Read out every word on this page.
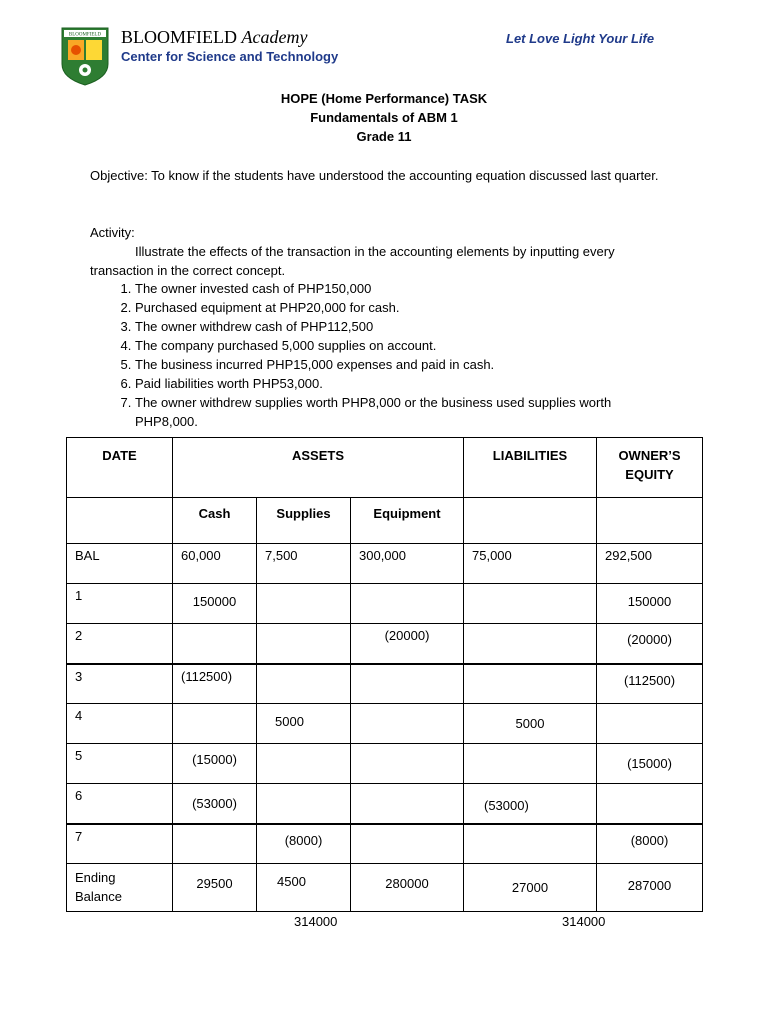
BLOOMFIELD BLOOMFIELD Academy
Center for Science and Technology
Let Love Light Your Life
HOPE (Home Performance) TASK
Fundamentals of ABM 1
Grade 11
Objective: To know if the students have understood the accounting equation discussed last quarter.
Activity:
Illustrate the effects of the transaction in the accounting elements by inputting every transaction in the correct concept.
1. The owner invested cash of PHP150,000
2. Purchased equipment at PHP20,000 for cash.
3. The owner withdrew cash of PHP112,500
4. The company purchased 5,000 supplies on account.
5. The business incurred PHP15,000 expenses and paid in cash.
6. Paid liabilities worth PHP53,000.
7. The owner withdrew supplies worth PHP8,000 or the business used supplies worth PHP8,000.
DATE	ASSETS			LIABILITIES	OWNER’S EQUITY
	Cash	Supplies	Equipment		
BAL	60,000	7,500	300,000	75,000	292,500
1	150000				150000
2			(20000)		(20000)
3	(112500)				(112500)
4		5000		5000	
5	(15000)				(15000)
6	(53000)			(53000)	
7		(8000)			(8000)
Ending Balance	29500	4500	280000	27000	287000
314000	314000
